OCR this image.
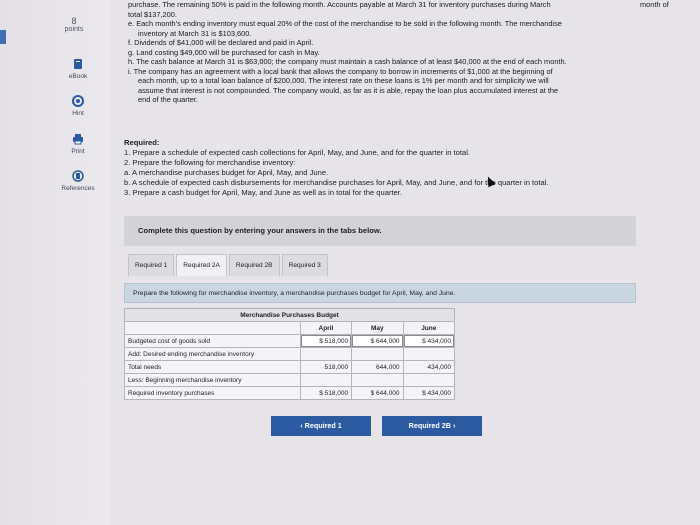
8
points
eBook
Hint
Print
References
month of

purchase. The remaining 50% is paid in the following month. Accounts payable at March 31 for inventory purchases during March

total $137,200.

e. Each month's ending inventory must equal 20% of the cost of the merchandise to be sold in the following month. The merchandise

inventory at March 31 is $103,600.

f. Dividends of $41,000 will be declared and paid in April.

g. Land costing $49,000 will be purchased for cash in May.

h. The cash balance at March 31 is $63,000; the company must maintain a cash balance of at least $40,000 at the end of each month.

i. The company has an agreement with a local bank that allows the company to borrow in increments of $1,000 at the beginning of

each month, up to a total loan balance of $200,000. The interest rate on these loans is 1% per month and for simplicity we will

assume that interest is not compounded. The company would, as far as it is able, repay the loan plus accumulated interest at the

end of the quarter.

Required:
1. Prepare a schedule of expected cash collections for April, May, and June, and for the quarter in total.
2. Prepare the following for merchandise inventory:
a. A merchandise purchases budget for April, May, and June.
b. A schedule of expected cash disbursements for merchandise purchases for April, May, and June, and for the quarter in total.
3. Prepare a cash budget for April, May, and June as well as in total for the quarter.
Complete this question by entering your answers in the tabs below.
Required 1	Required 2A	Required 2B	Required 3
Prepare the following for merchandise inventory, a merchandise purchases budget for April, May, and June.
Merchandise Purchases Budget			
	April	May	June
Budgeted cost of goods sold	$ 518,000	$ 644,000	$ 434,000
Add: Desired ending merchandise inventory			
Total needs	518,000	644,000	434,000
Less: Beginning merchandise inventory			
Required inventory purchases	$ 518,000	$ 644,000	$ 434,000
‹ Required 1	Required 2B ›
